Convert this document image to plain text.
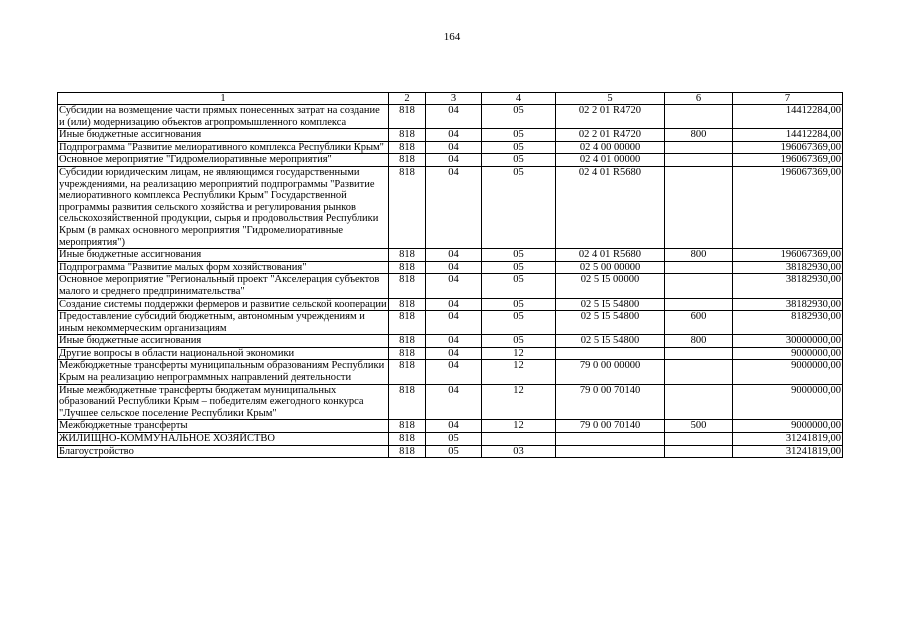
164
1	2	3	4	5	6	7
Субсидии на возмещение части прямых понесенных затрат на создание и (или) модернизацию объектов агропромышленного комплекса	818	04	05	02 2 01 R4720		14412284,00
Иные бюджетные ассигнования	818	04	05	02 2 01 R4720	800	14412284,00
Подпрограмма "Развитие мелиоративного комплекса Республики Крым"	818	04	05	02 4 00 00000		196067369,00
Основное мероприятие "Гидромелиоративные мероприятия"	818	04	05	02 4 01 00000		196067369,00
Субсидии юридическим лицам, не являющимся государственными учреждениями, на реализацию мероприятий подпрограммы "Развитие мелиоративного комплекса Республики Крым" Государственной программы развития сельского хозяйства и регулирования рынков сельскохозяйственной продукции, сырья и продовольствия Республики Крым (в рамках основного мероприятия "Гидромелиоративные мероприятия")	818	04	05	02 4 01 R5680		196067369,00
Иные бюджетные ассигнования	818	04	05	02 4 01 R5680	800	196067369,00
Подпрограмма "Развитие малых форм хозяйствования"	818	04	05	02 5 00 00000		38182930,00
Основное мероприятие "Региональный проект "Акселерация субъектов малого и среднего предпринимательства"	818	04	05	02 5 I5 00000		38182930,00
Создание системы поддержки фермеров и развитие сельской кооперации	818	04	05	02 5 I5 54800		38182930,00
Предоставление субсидий бюджетным, автономным учреждениям и иным некоммерческим организациям	818	04	05	02 5 I5 54800	600	8182930,00
Иные бюджетные ассигнования	818	04	05	02 5 I5 54800	800	30000000,00
Другие вопросы в области национальной экономики	818	04	12			9000000,00
Межбюджетные трансферты муниципальным образованиям Республики Крым на реализацию непрограммных направлений деятельности	818	04	12	79 0 00 00000		9000000,00
Иные межбюджетные трансферты бюджетам муниципальных образований Республики Крым – победителям ежегодного конкурса "Лучшее сельское поселение Республики Крым"	818	04	12	79 0 00 70140		9000000,00
Межбюджетные трансферты	818	04	12	79 0 00 70140	500	9000000,00
ЖИЛИЩНО-КОММУНАЛЬНОЕ ХОЗЯЙСТВО	818	05				31241819,00
Благоустройство	818	05	03			31241819,00
